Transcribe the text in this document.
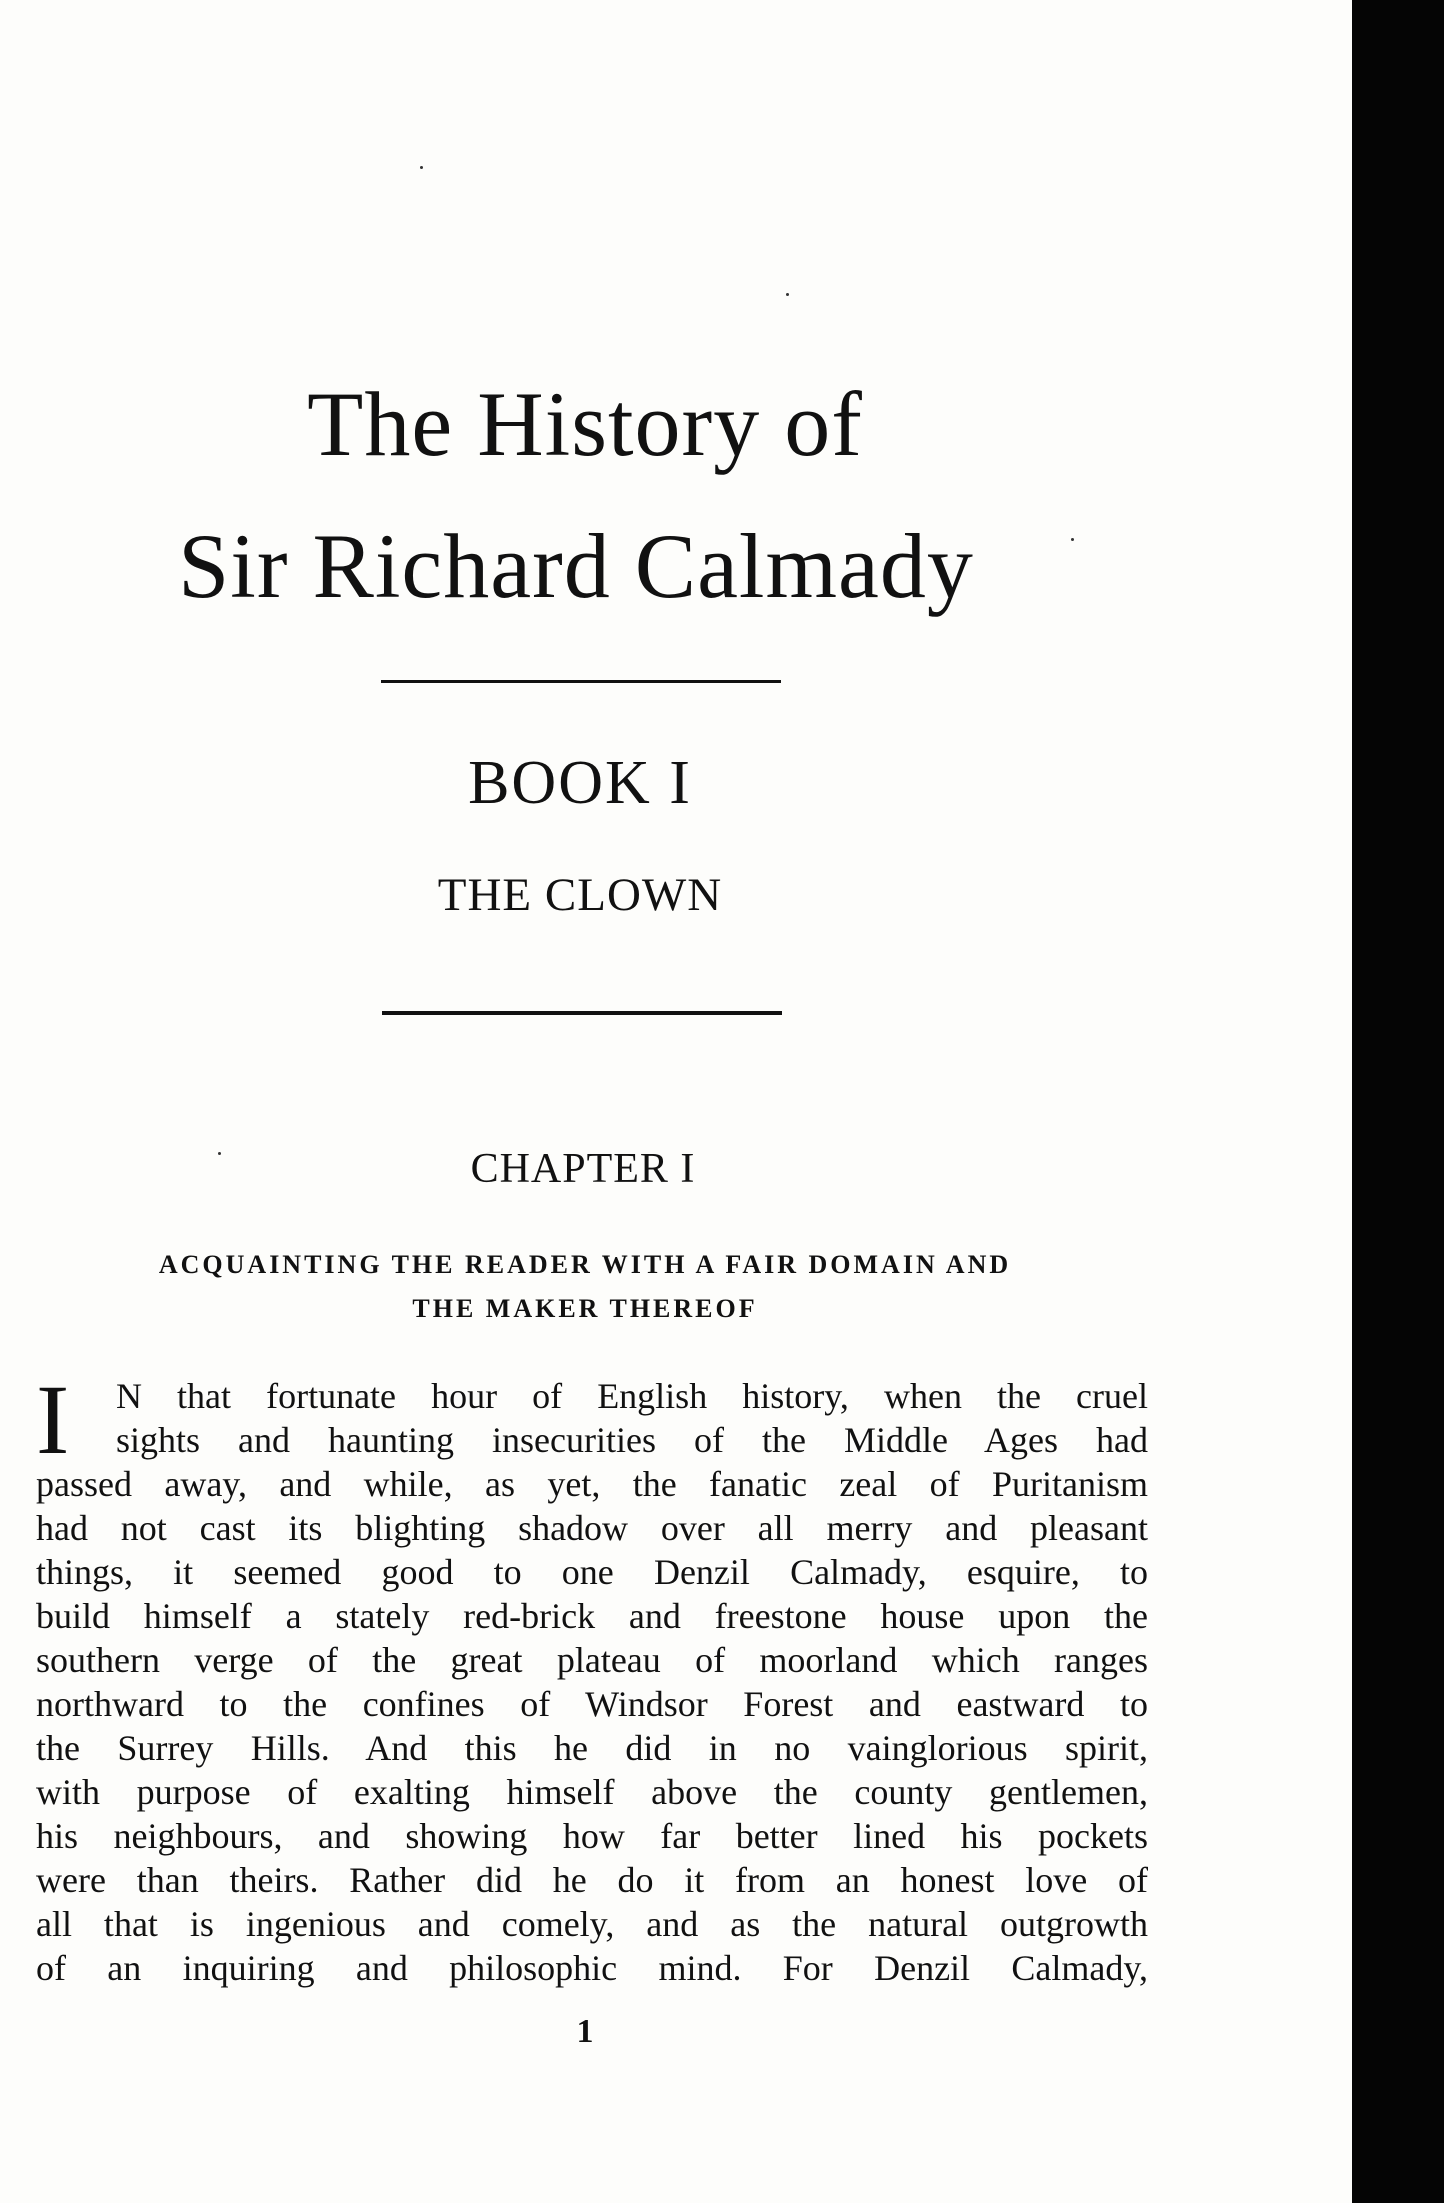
The History of
Sir Richard Calmady
BOOK I
THE CLOWN
CHAPTER I
ACQUAINTING THE READER WITH A FAIR DOMAIN AND
THE MAKER THEREOF
I	N that fortunate hour of English history, when the cruel
sights and haunting insecurities of the Middle Ages had
passed away, and while, as yet, the fanatic zeal of Puritanism
had not cast its blighting shadow over all merry and pleasant
things, it seemed good to one Denzil Calmady, esquire, to
build himself a stately red-brick and freestone house upon the
southern verge of the great plateau of moorland which ranges
northward to the confines of Windsor Forest and eastward to
the Surrey Hills. And this he did in no vainglorious spirit,
with purpose of exalting himself above the county gentlemen,
his neighbours, and showing how far better lined his pockets
were than theirs. Rather did he do it from an honest love of
all that is ingenious and comely, and as the natural outgrowth
of an inquiring and philosophic mind. For Denzil Calmady,
1
